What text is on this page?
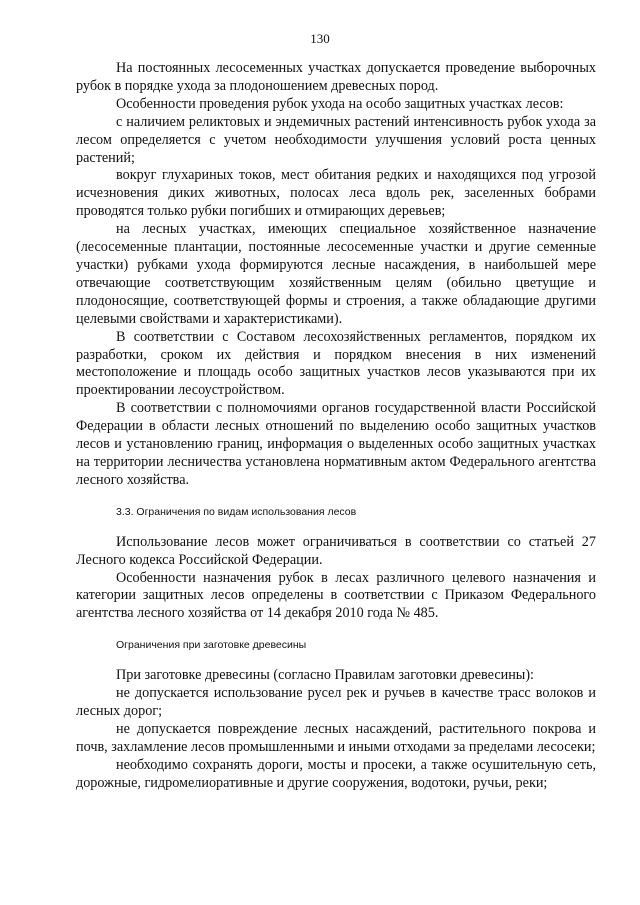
130

На постоянных лесосеменных участках допускается проведение выборочных рубок в порядке ухода за плодоношением древесных пород.

Особенности проведения рубок ухода на особо защитных участках лесов:

с наличием реликтовых и эндемичных растений интенсивность рубок ухода за лесом определяется с учетом необходимости улучшения условий роста ценных растений;

вокруг глухариных токов, мест обитания редких и находящихся под угрозой исчезновения диких животных, полосах леса вдоль рек, заселенных бобрами проводятся только рубки погибших и отмирающих деревьев;

на лесных участках, имеющих специальное хозяйственное назначение (лесосеменные плантации, постоянные лесосеменные участки и другие семенные участки) рубками ухода формируются лесные насаждения, в наибольшей мере отвечающие соответствующим хозяйственным целям (обильно цветущие и плодоносящие, соответствующей формы и строения, а также обладающие другими целевыми свойствами и характеристиками).

В соответствии с Составом лесохозяйственных регламентов, порядком их разработки, сроком их действия и порядком внесения в них изменений местоположение и площадь особо защитных участков лесов указываются при их проектировании лесоустройством.

В соответствии с полномочиями органов государственной власти Российской Федерации в области лесных отношений по выделению особо защитных участков лесов и установлению границ, информация о выделенных особо защитных участках на территории лесничества установлена нормативным актом Федерального агентства лесного хозяйства.

3.3. Ограничения по видам использования лесов

Использование лесов может ограничиваться в соответствии со статьей 27 Лесного кодекса Российской Федерации.

Особенности назначения рубок в лесах различного целевого назначения и категории защитных лесов определены в соответствии с Приказом Федерального агентства лесного хозяйства от 14 декабря 2010 года № 485.

Ограничения при заготовке древесины

При заготовке древесины (согласно Правилам заготовки древесины):

не допускается использование русел рек и ручьев в качестве трасс волоков и лесных дорог;

не допускается повреждение лесных насаждений, растительного покрова и почв, захламление лесов промышленными и иными отходами за пределами лесосеки;

необходимо сохранять дороги, мосты и просеки, а также осушительную сеть, дорожные, гидромелиоративные и другие сооружения, водотоки, ручьи, реки;
